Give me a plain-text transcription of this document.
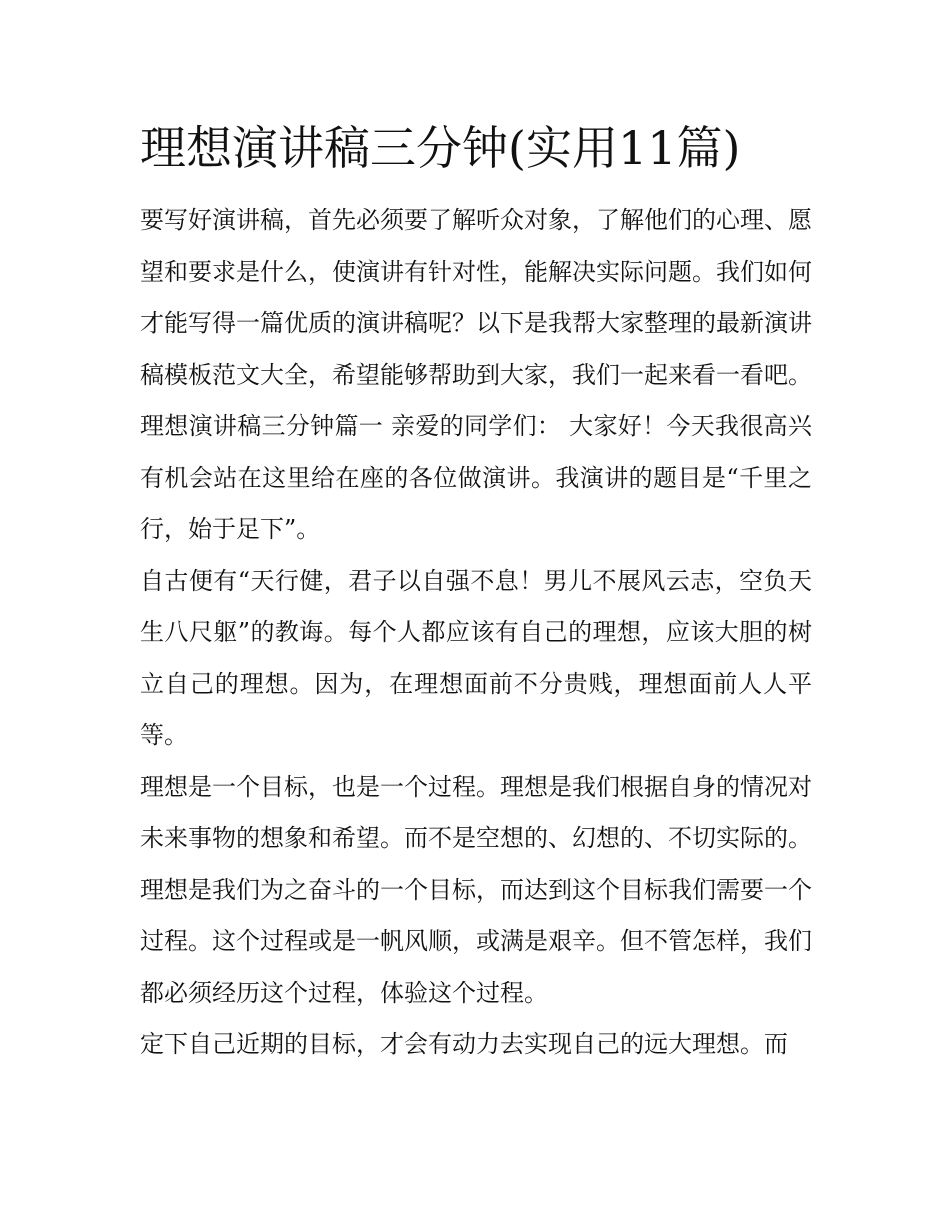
理想演讲稿三分钟(实用11篇)

要写好演讲稿，首先必须要了解听众对象，了解他们的心理、愿望和要求是什么，使演讲有针对性，能解决实际问题。我们如何才能写得一篇优质的演讲稿呢？以下是我帮大家整理的最新演讲稿模板范文大全，希望能够帮助到大家，我们一起来看一看吧。

理想演讲稿三分钟篇一 亲爱的同学们： 大家好！今天我很高兴有机会站在这里给在座的各位做演讲。我演讲的题目是“千里之行，始于足下”。

自古便有“天行健，君子以自强不息！男儿不展风云志，空负天生八尺躯”的教诲。每个人都应该有自己的理想，应该大胆的树立自己的理想。因为，在理想面前不分贵贱，理想面前人人平等。

理想是一个目标，也是一个过程。理想是我们根据自身的情况对未来事物的想象和希望。而不是空想的、幻想的、不切实际的。理想是我们为之奋斗的一个目标，而达到这个目标我们需要一个过程。这个过程或是一帆风顺，或满是艰辛。但不管怎样，我们都必须经历这个过程，体验这个过程。

定下自己近期的目标，才会有动力去实现自己的远大理想。而
